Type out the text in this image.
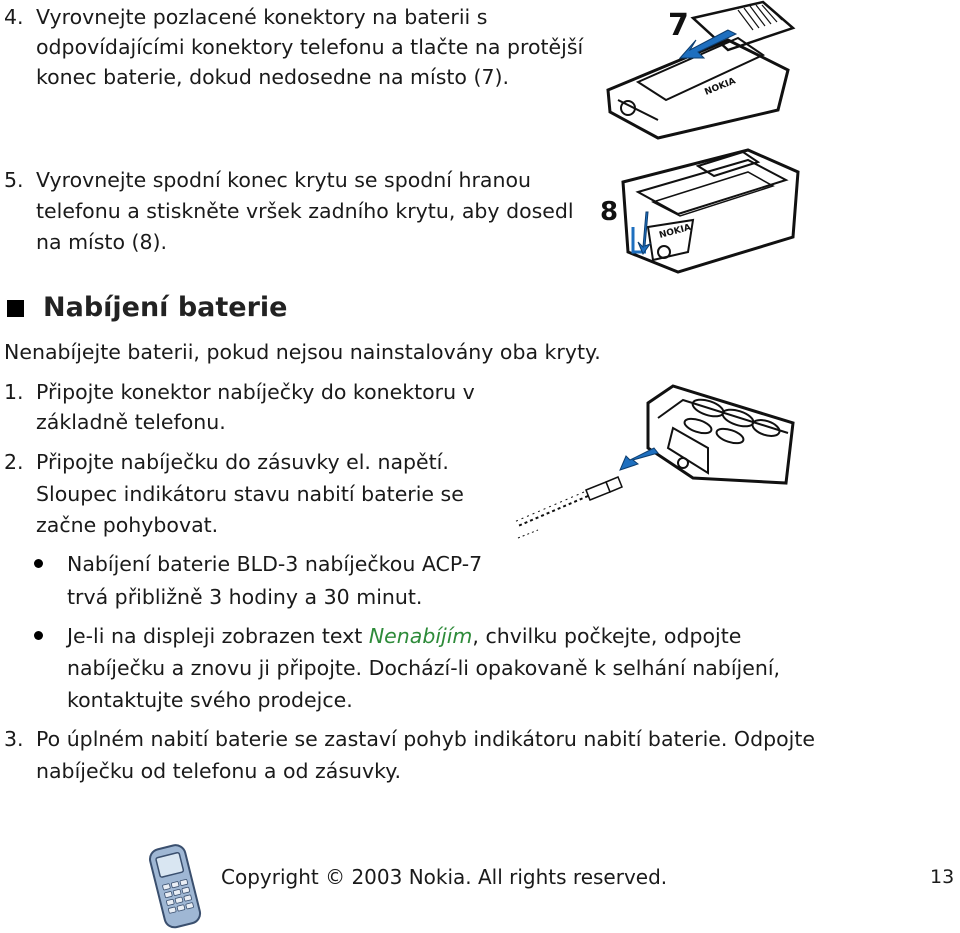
4. Vyrovnejte pozlacené konektory na baterii s
odpovídajícími konektory telefonu a tlačte na protější
konec baterie, dokud nedosedne na místo (7).
5. Vyrovnejte spodní konec krytu se spodní hranou
telefonu a stiskněte vršek zadního krytu, aby dosedl
na místo (8).
7
NOKIA
8
NOKIA
Nabíjení baterie
Nenabíjejte baterii, pokud nejsou nainstalovány oba kryty.
1. Připojte konektor nabíječky do konektoru v
základně telefonu.
2. Připojte nabíječku do zásuvky el. napětí.
Sloupec indikátoru stavu nabití baterie se
začne pohybovat.
Nabíjení baterie BLD-3 nabíječkou ACP-7
trvá přibližně 3 hodiny a 30 minut.
Je-li na displeji zobrazen text Nenabíjím, chvilku počkejte, odpojte
nabíječku a znovu ji připojte. Dochází-li opakovaně k selhání nabíjení,
kontaktujte svého prodejce.
3. Po úplném nabití baterie se zastaví pohyb indikátoru nabití baterie. Odpojte
nabíječku od telefonu a od zásuvky.
Copyright © 2003 Nokia. All rights reserved.	13
